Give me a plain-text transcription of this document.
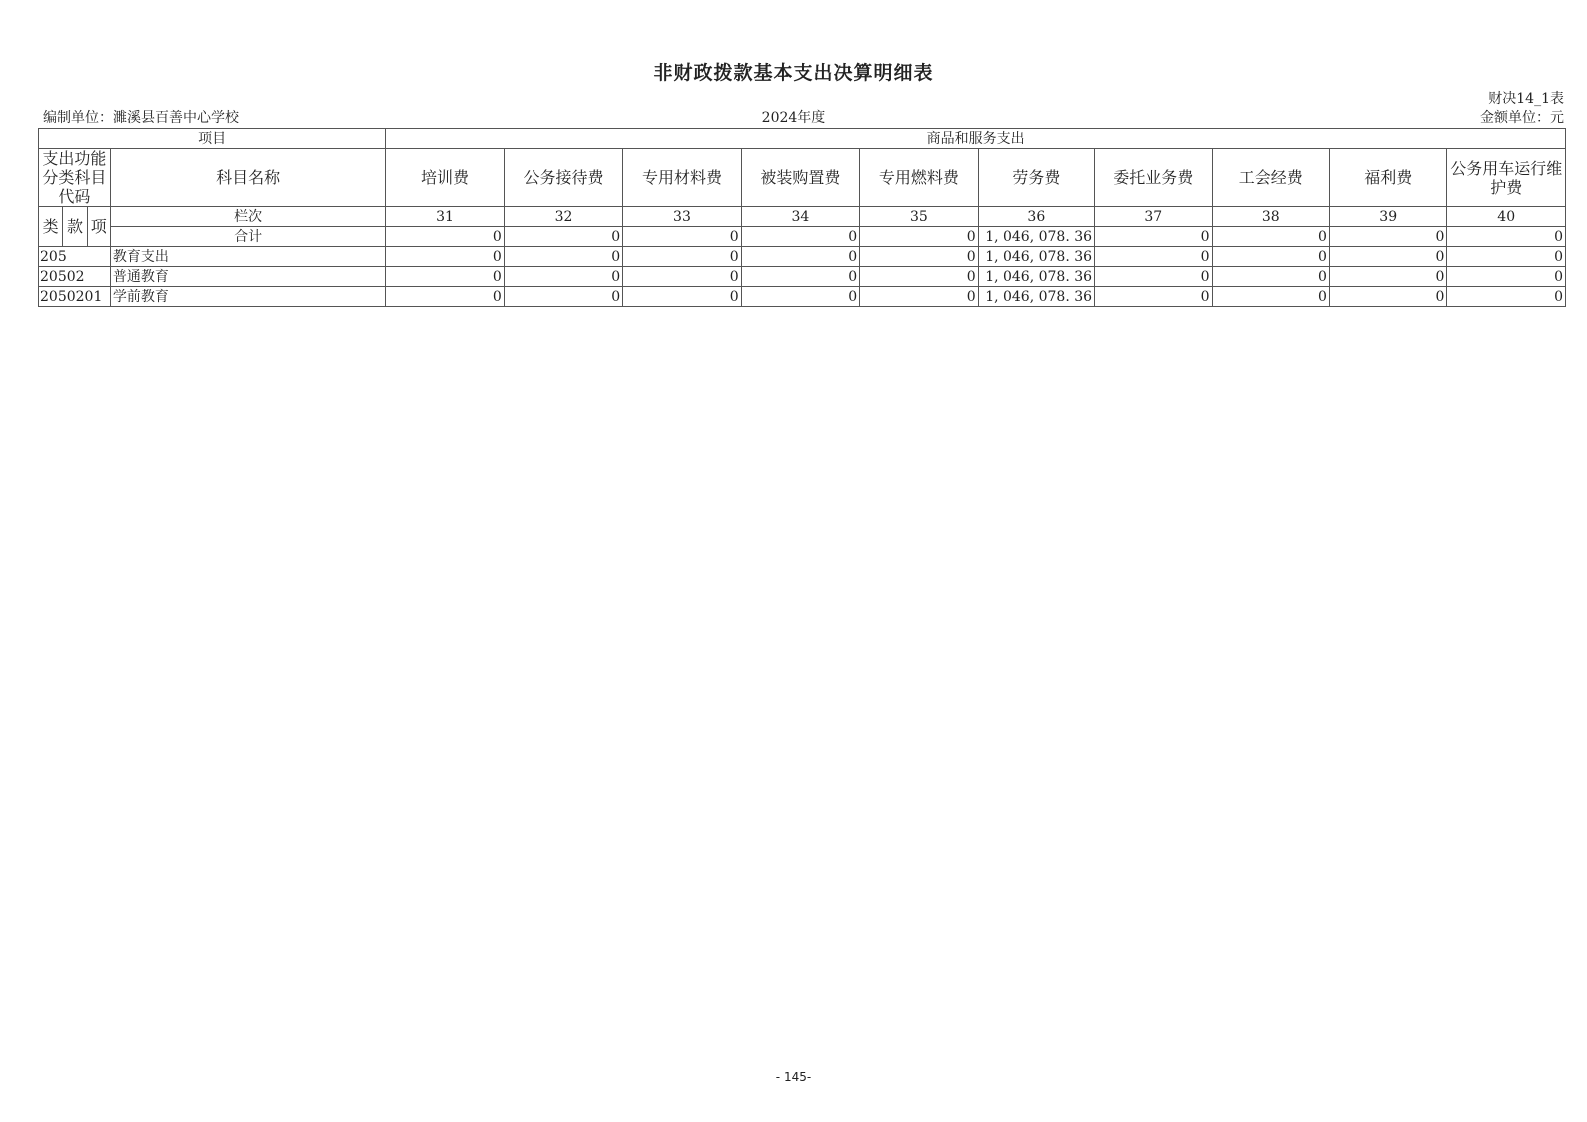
非财政拨款基本支出决算明细表
财决14_1表
编制单位：濉溪县百善中心学校	2024年度	金额单位：元
项目				商品和服务支出									
支出功能分类科目代码			科目名称	培训费	公务接待费	专用材料费	被装购置费	专用燃料费	劳务费	委托业务费	工会经费	福利费	公务用车运行维护费
类	款	项	栏次	31	32	33	34	35	36	37	38	39	40
			合计	0	0	0	0	0	1, 046, 078. 36	0	0	0	0
205			教育支出	0	0	0	0	0	1, 046, 078. 36	0	0	0	0
20502			普通教育	0	0	0	0	0	1, 046, 078. 36	0	0	0	0
2050201			学前教育	0	0	0	0	0	1, 046, 078. 36	0	0	0	0
- 145-
